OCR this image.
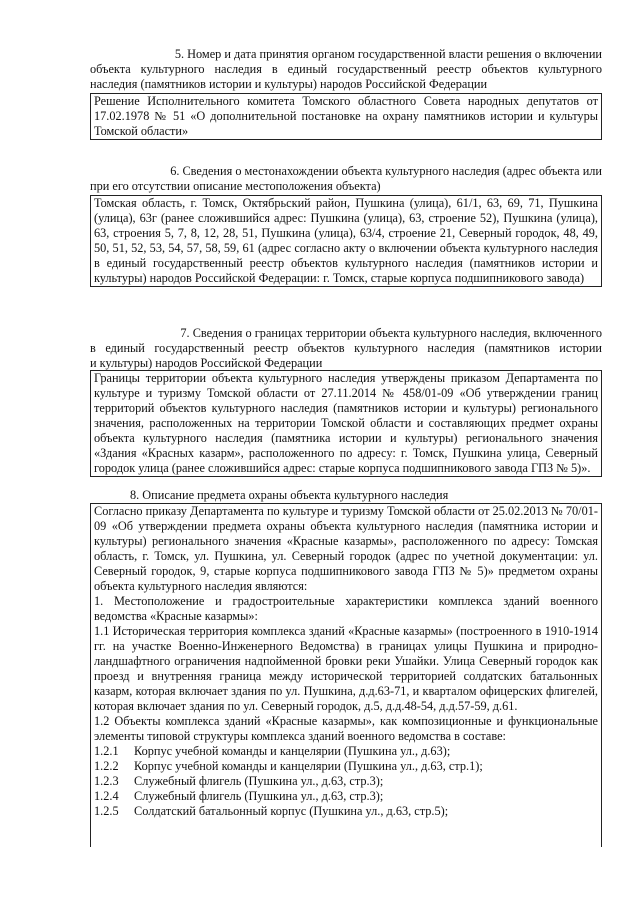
5. Номер и дата принятия органом государственной власти решения о включении
объекта культурного наследия в единый государственный реестр объектов культурного
наследия (памятников истории и культуры) народов Российской Федерации

Решение Исполнительного комитета Томского областного Совета народных депутатов от 17.02.1978 № 51 «О дополнительной постановке на охрану памятников истории и культуры Томской области»

6. Сведения о местонахождении объекта культурного наследия (адрес объекта или
при его отсутствии описание местоположения объекта)

Томская область, г. Томск, Октябрьский район, Пушкина (улица), 61/1, 63, 69, 71, Пушкина (улица), 63г (ранее сложившийся адрес: Пушкина (улица), 63, строение 52), Пушкина (улица), 63, строения 5, 7, 8, 12, 28, 51, Пушкина (улица), 63/4, строение 21, Северный городок, 48, 49, 50, 51, 52, 53, 54, 57, 58, 59, 61 (адрес согласно акту о включении объекта культурного наследия в единый государственный реестр объектов культурного наследия (памятников истории и культуры) народов Российской Федерации: г. Томск, старые корпуса подшипникового завода)

7. Сведения о границах территории объекта культурного наследия, включенного
в единый государственный реестр объектов культурного наследия (памятников истории
и культуры) народов Российской Федерации

Границы территории объекта культурного наследия утверждены приказом Департамента по культуре и туризму Томской области от 27.11.2014 № 458/01-09 «Об утверждении границ территорий объектов культурного наследия (памятников истории и культуры) регионального значения, расположенных на территории Томской области и составляющих предмет охраны объекта культурного наследия (памятника истории и культуры) регионального значения «Здания «Красных казарм», расположенного по адресу: г. Томск, Пушкина улица, Северный городок улица (ранее сложившийся адрес: старые корпуса подшипникового завода ГПЗ № 5)».

8. Описание предмета охраны объекта культурного наследия

Согласно приказу Департамента по культуре и туризму Томской области от 25.02.2013 № 70/01-09 «Об утверждении предмета охраны объекта культурного наследия (памятника истории и культуры) регионального значения «Красные казармы», расположенного по адресу: Томская область, г. Томск, ул. Пушкина, ул. Северный городок (адрес по учетной документации: ул. Северный городок, 9, старые корпуса подшипникового завода ГПЗ № 5)» предметом охраны объекта культурного наследия являются:

1. Местоположение и градостроительные характеристики комплекса зданий военного ведомства «Красные казармы»:

1.1 Историческая территория комплекса зданий «Красные казармы» (построенного в 1910-1914 гг. на участке Военно-Инженерного Ведомства) в границах улицы Пушкина и природно-ландшафтного ограничения надпойменной бровки реки Ушайки. Улица Северный городок как проезд и внутренняя граница между исторической территорией солдатских батальонных казарм, которая включает здания по ул. Пушкина, д.д.63-71, и кварталом офицерских флигелей, которая включает здания по ул. Северный городок, д.5, д.д.48-54, д.д.57-59, д.61.

1.2 Объекты комплекса зданий «Красные казармы», как композиционные и функциональные элементы типовой структуры комплекса зданий военного ведомства в составе:

1.2.1	Корпус учебной команды и канцелярии (Пушкина ул., д.63);
1.2.2	Корпус учебной команды и канцелярии (Пушкина ул., д.63, стр.1);
1.2.3	Служебный флигель (Пушкина ул., д.63, стр.3);
1.2.4	Служебный флигель (Пушкина ул., д.63, стр.3);
1.2.5	Солдатский батальонный корпус (Пушкина ул., д.63, стр.5);
